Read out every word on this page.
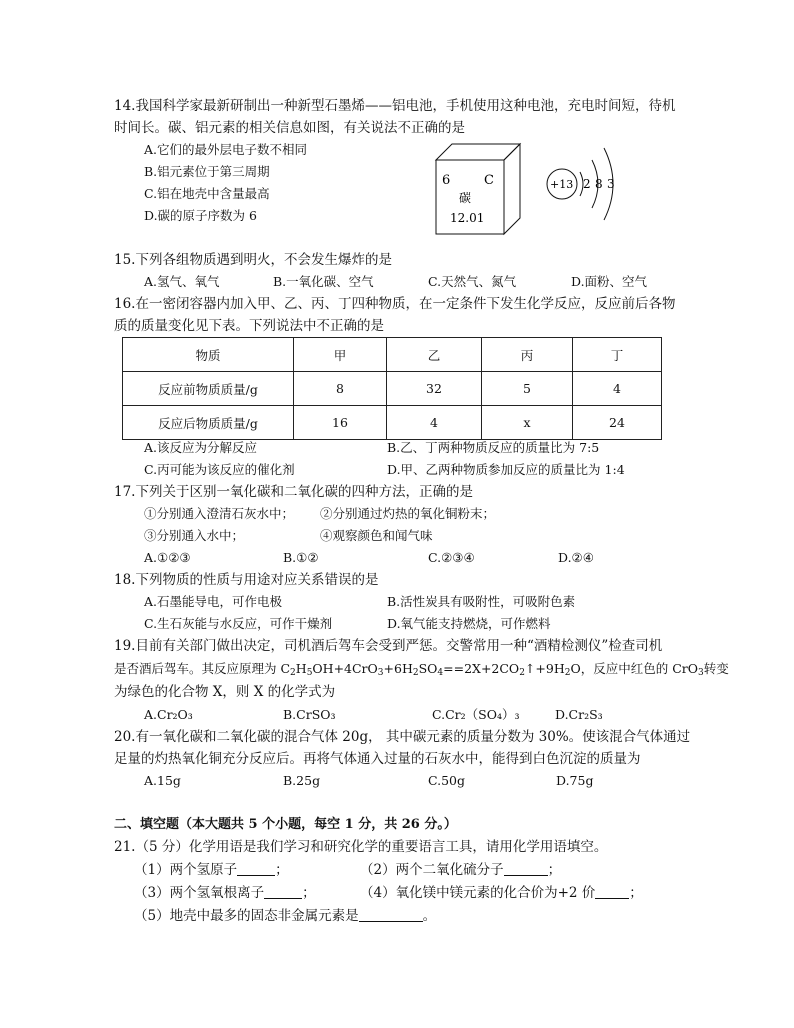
14.我国科学家最新研制出一种新型石墨烯——铝电池，手机使用这种电池，充电时间短，待机
时间长。碳、铝元素的相关信息如图，有关说法不正确的是
A.它们的最外层电子数不相同
B.铝元素位于第三周期
C.铝在地壳中含量最高
D.碳的原子序数为 6
6	C
碳
12.01
+13 2 8 3
15.下列各组物质遇到明火，不会发生爆炸的是
A.氢气、氧气	B.一氧化碳、空气	C.天然气、氮气	D.面粉、空气
16.在一密闭容器内加入甲、乙、丙、丁四种物质，在一定条件下发生化学反应，反应前后各物
质的质量变化见下表。下列说法中不正确的是
物质	甲	乙	丙	丁
反应前物质质量/g	8	32	5	4
反应后物质质量/g	16	4	x	24
A.该反应为分解反应	B.乙、丁两种物质反应的质量比为 7:5
C.丙可能为该反应的催化剂	D.甲、乙两种物质参加反应的质量比为 1:4
17.下列关于区别一氧化碳和二氧化碳的四种方法，正确的是
①分别通入澄清石灰水中； ②分别通过灼热的氧化铜粉末；
③分别通入水中；	④观察颜色和闻气味
A.①②③	B.①②	C.②③④	D.②④
18.下列物质的性质与用途对应关系错误的是
A.石墨能导电，可作电极	B.活性炭具有吸附性，可吸附色素
C.生石灰能与水反应，可作干燥剂	D.氧气能支持燃烧，可作燃料
19.目前有关部门做出决定，司机酒后驾车会受到严惩。交警常用一种“酒精检测仪”检查司机
是否酒后驾车。其反应原理为 $C_2H_5OH+4CrO_3+6H_2SO_4==2X+2CO_2↑+9H_2O$，反应中红色的 CrO$_3$转变
为绿色的化合物 X，则 X 的化学式为
A.Cr₂O₃	B.CrSO₃	C.Cr₂（SO₄）₃	D.Cr₂S₃
20.有一氧化碳和二氧化碳的混合气体 20g， 其中碳元素的质量分数为 30%。使该混合气体通过
足量的灼热氧化铜充分反应后。再将气体通入过量的石灰水中，能得到白色沉淀的质量为
A.15g	B.25g	C.50g	D.75g
二、填空题（本大题共 5 个小题，每空 1 分，共 26 分。）
21.（5 分）化学用语是我们学习和研究化学的重要语言工具，请用化学用语填空。
（1）两个氢原子	；	（2）两个二氧化硫分子	；
（3）两个氢氧根离子	；	（4）氧化镁中镁元素的化合价为+2 价	；
（5）地壳中最多的固态非金属元素是	。
